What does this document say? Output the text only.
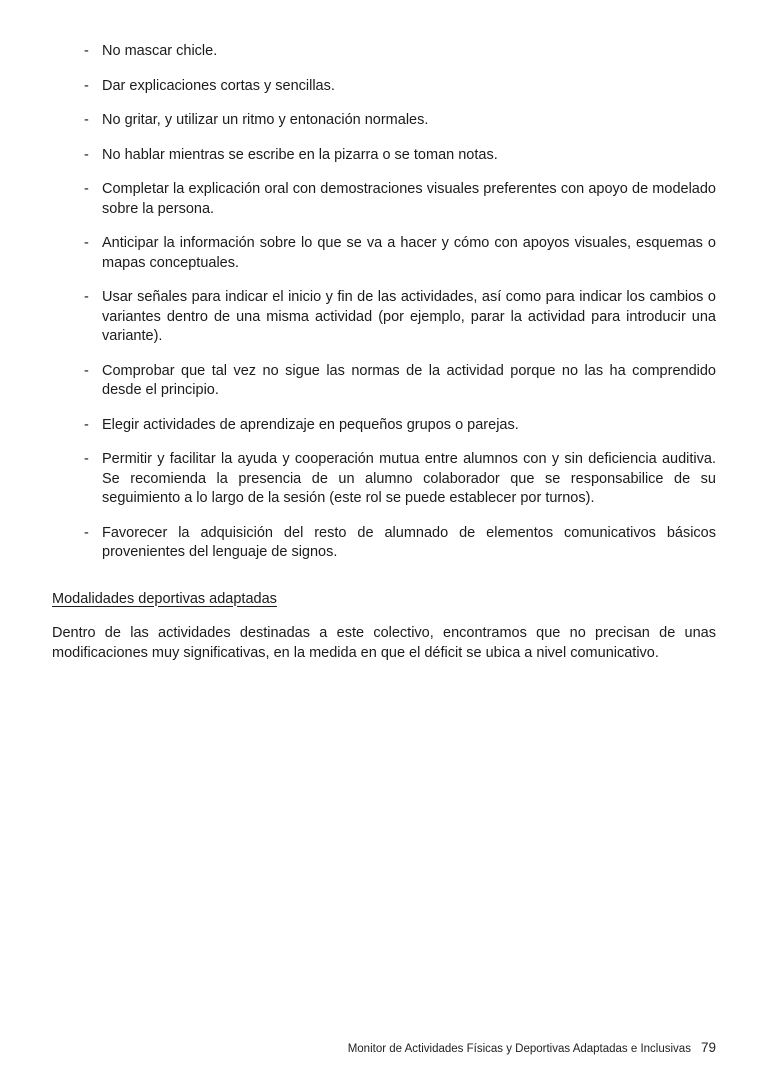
- No mascar chicle.
- Dar explicaciones cortas y sencillas.
- No gritar, y utilizar un ritmo y entonación normales.
- No hablar mientras se escribe en la pizarra o se toman notas.
- Completar la explicación oral con demostraciones visuales preferentes con apoyo de modelado sobre la persona.
- Anticipar la información sobre lo que se va a hacer y cómo con apoyos visuales, esquemas o mapas conceptuales.
- Usar señales para indicar el inicio y fin de las actividades, así como para indicar los cambios o variantes dentro de una misma actividad (por ejemplo, parar la actividad para introducir una variante).
- Comprobar que tal vez no sigue las normas de la actividad porque no las ha comprendido desde el principio.
- Elegir actividades de aprendizaje en pequeños grupos o parejas.
- Permitir y facilitar la ayuda y cooperación mutua entre alumnos con y sin deficiencia auditiva. Se recomienda la presencia de un alumno colaborador que se responsabilice de su seguimiento a lo largo de la sesión (este rol se puede establecer por turnos).
- Favorecer la adquisición del resto de alumnado de elementos comunicativos básicos provenientes del lenguaje de signos.
Modalidades deportivas adaptadas
Dentro de las actividades destinadas a este colectivo, encontramos que no precisan de unas modificaciones muy significativas, en la medida en que el déficit se ubica a nivel comunicativo.
Monitor de Actividades Físicas y Deportivas Adaptadas e Inclusivas 79
